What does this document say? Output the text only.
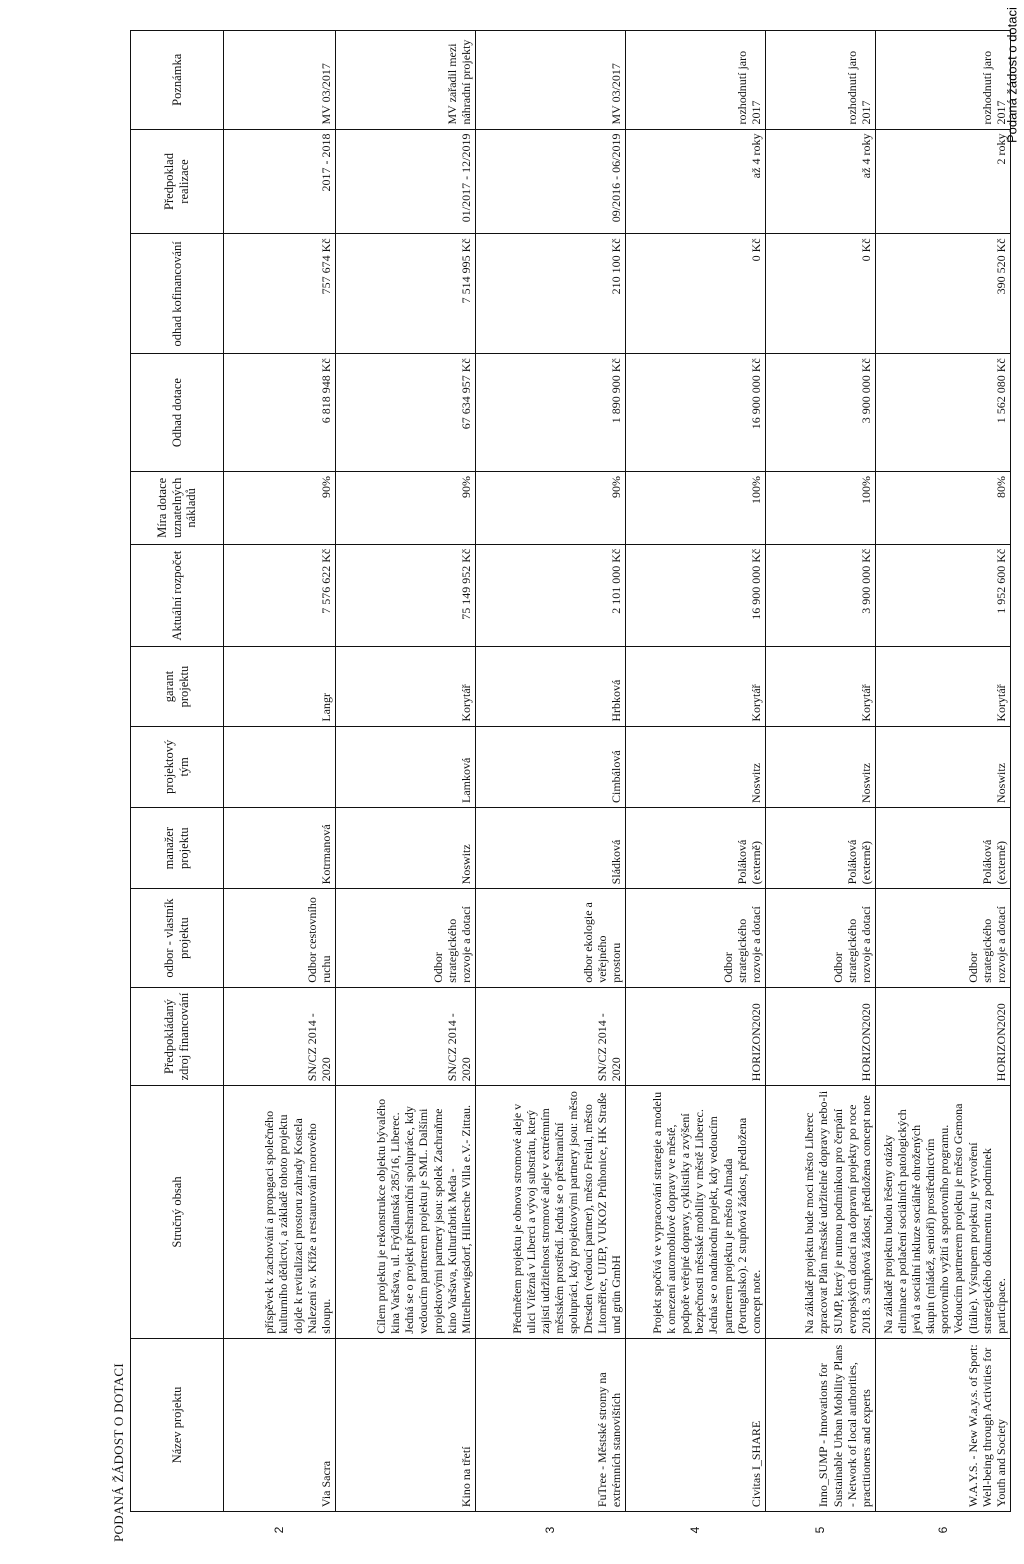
Podaná žádost o dotaci
PODANÁ ŽÁDOST O DOTACI
		Název projektu	Stručný obsah	Předpokládaný zdroj financování	odbor - vlastník projektu	manažer projektu	projektový tým	garant projektu	Aktuální rozpočet	Míra dotace uznatelných nákladů	Odhad dotace	odhad kofinancování	Předpoklad realizace	Poznámka
2	Via Sacra	příspěvek k zachování a propagaci společného kulturního dědictví, a základě tohoto projektu dojde k revitalizaci prostoru zahrady Kostela Nalezení sv. Kříže a restaurování morového sloupu.	SN/CZ 2014 - 2020	Odbor cestovního ruchu	Kotrmanová		Langr	7 576 622 Kč	90%	6 818 948 Kč	757 674 Kč	2017 - 2018	MV 03/2017
	Kino na třetí	Cílem projektu je rekonstrukce objektu bývalého kina Varšava, ul. Frýdlantská 285/16, Liberec. Jedná se o projekt přeshraniční spolupráce, kdy vedoucím partnerem projektu je SML. Dalšími projektovými partnery jsou: spolek Zachraňme kino Varšava, Kulturfabrik Meda - Mittelherwigsdorf, Hillersche Villa e.V.- Zittau.	SN/CZ 2014 - 2020	Odbor strategického rozvoje a dotací	Noswitz	Lamková	Korytář	75 149 952 Kč	90%	67 634 957 Kč	7 514 995 Kč	01/2017 - 12/2019	MV zařadil mezi náhradní projekty
3	FuTree - Městské stromy na extrémních stanovištích	Předmětem projektu je obnova stromové aleje v ulici Vítězná v Liberci a vývoj substrátu, který zajistí udržitelnost stromové aleje v extrémním městském prostředí. Jedná se o přeshraniční spolupráci, kdy projektovými partnery jsou: město Dresden (vedoucí partner), město Freital, město Litoměřice, UJEP, VUKOZ Průhonice, HK Straße und grün GmbH	SN/CZ 2014 - 2020	odbor ekologie a veřejného prostoru	Sládková	Cimbálová	Hrbková	2 101 000 Kč	90%	1 890 900 Kč	210 100 Kč	09/2016 - 06/2019	MV 03/2017
4	Civitas I_SHARE	Projekt spočívá ve vypracování strategie a modelu k omezení automobilové dopravy ve městě, podpoře veřejné dopravy, cyklistiky a zvýšení bezpečnosti městské mobility v městě Liberec. Jedná se o nadnárodní projekt, kdy vedoucím partnerem projektu je město Almada (Portugalsko). 2 stupňová žádost, předložena concept note.	HORIZON2020	Odbor strategického rozvoje a dotací	Poláková (externě)	Noswitz	Korytář	16 900 000 Kč	100%	16 900 000 Kč	0 Kč	až 4 roky	rozhodnutí jaro 2017
5	Inno_SUMP - Innovations for Sustainable Urban Mobility Plans - Network of local authorities, practitioners and experts	Na základě projektu bude moci město Liberec zpracovat Plán městské udržitelné dopravy nebo-li SUMP, který je nutnou podmínkou pro čerpání evropských dotací na dopravní projekty po roce 2018. 3 stupňová žádost, předložena concept note	HORIZON2020	Odbor strategického rozvoje a dotací	Poláková (externě)	Noswitz	Korytář	3 900 000 Kč	100%	3 900 000 Kč	0 Kč	až 4 roky	rozhodnutí jaro 2017
6	W.A.Y.S. - New W.a.y.s. of Sport: Well-being through Activities for Youth and Society	Na základě projektu budou řešeny otázky eliminace a potlačení sociálních patologických jevů a sociální inkluze sociálně ohrožených skupin (mládež, senioři) prostřednictvím sportovního vyžití a sportovního programu. Vedoucím partnerem projektu je město Gemona (Itálie). Výstupem projektu je vytvoření strategického dokumentu za podmínek participace.	HORIZON2020	Odbor strategického rozvoje a dotací	Poláková (externě)	Noswitz	Korytář	1 952 600 Kč	80%	1 562 080 Kč	390 520 Kč	2 roky	rozhodnutí jaro 2017
